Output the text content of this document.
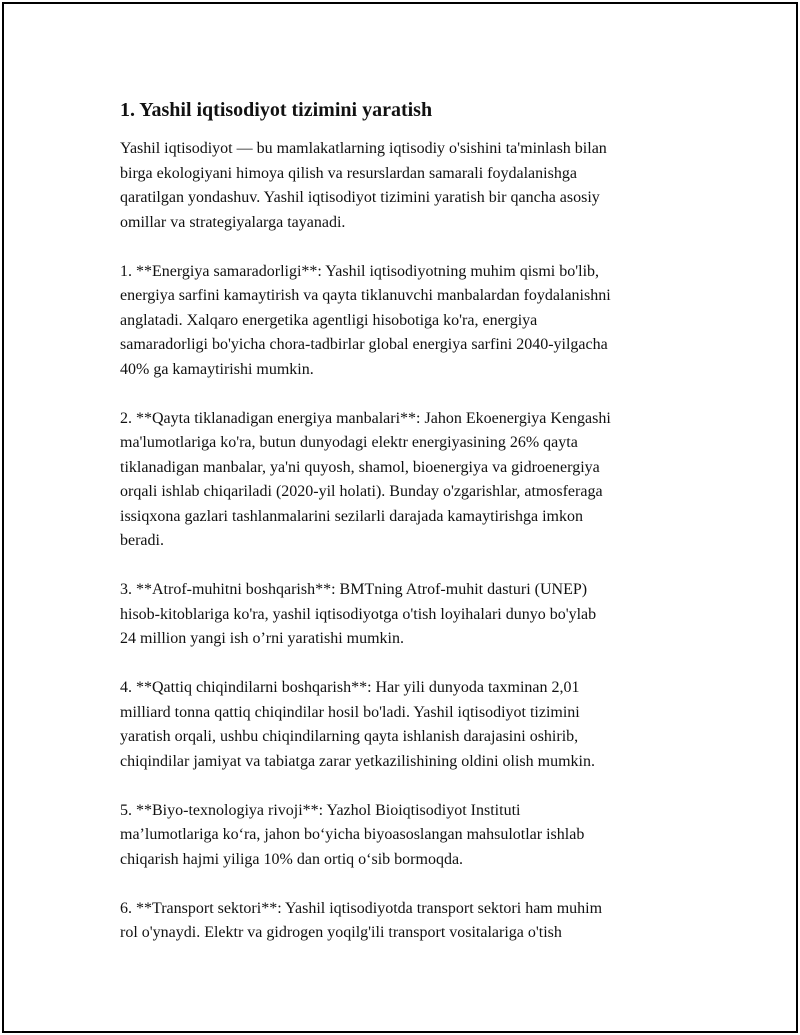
1. Yashil iqtisodiyot tizimini yaratish
Yashil iqtisodiyot — bu mamlakatlarning iqtisodiy o'sishini ta'minlash bilan
birga ekologiyani himoya qilish va resurslardan samarali foydalanishga
qaratilgan yondashuv. Yashil iqtisodiyot tizimini yaratish bir qancha asosiy
omillar va strategiyalarga tayanadi.
1. **Energiya samaradorligi**: Yashil iqtisodiyotning muhim qismi bo'lib,
energiya sarfini kamaytirish va qayta tiklanuvchi manbalardan foydalanishni
anglatadi. Xalqaro energetika agentligi hisobotiga ko'ra, energiya
samaradorligi bo'yicha chora-tadbirlar global energiya sarfini 2040-yilgacha
40% ga kamaytirishi mumkin.
2. **Qayta tiklanadigan energiya manbalari**: Jahon Ekoenergiya Kengashi
ma'lumotlariga ko'ra, butun dunyodagi elektr energiyasining 26% qayta
tiklanadigan manbalar, ya'ni quyosh, shamol, bioenergiya va gidroenergiya
orqali ishlab chiqariladi (2020-yil holati). Bunday o'zgarishlar, atmosferaga
issiqxona gazlari tashlanmalarini sezilarli darajada kamaytirishga imkon
beradi.
3. **Atrof-muhitni boshqarish**: BMTning Atrof-muhit dasturi (UNEP)
hisob-kitoblariga ko'ra, yashil iqtisodiyotga o'tish loyihalari dunyo bo'ylab
24 million yangi ish o’rni yaratishi mumkin.
4. **Qattiq chiqindilarni boshqarish**: Har yili dunyoda taxminan 2,01
milliard tonna qattiq chiqindilar hosil bo'ladi. Yashil iqtisodiyot tizimini
yaratish orqali, ushbu chiqindilarning qayta ishlanish darajasini oshirib,
chiqindilar jamiyat va tabiatga zarar yetkazilishining oldini olish mumkin.
5. **Biyo-texnologiya rivoji**: Yazhol Bioiqtisodiyot Instituti
ma’lumotlariga ko‘ra, jahon bo‘yicha biyoasoslangan mahsulotlar ishlab
chiqarish hajmi yiliga 10% dan ortiq o‘sib bormoqda.
6. **Transport sektori**: Yashil iqtisodiyotda transport sektori ham muhim
rol o'ynaydi. Elektr va gidrogen yoqilg'ili transport vositalariga o'tish
